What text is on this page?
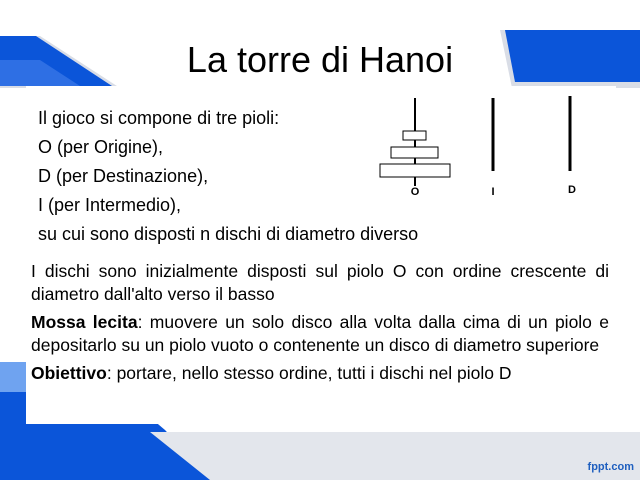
La torre di Hanoi
Il gioco si compone di tre pioli:
O (per Origine),
D (per Destinazione),
I (per Intermedio),
su cui sono disposti n dischi di diametro diverso
O	I	D
I dischi sono inizialmente disposti sul piolo O con ordine crescente di diametro dall'alto verso il basso
Mossa lecita: muovere un solo disco alla volta dalla cima di un piolo e depositarlo su un piolo vuoto o contenente un disco di diametro superiore
Obiettivo: portare, nello stesso ordine, tutti i dischi nel piolo D
fppt.com
